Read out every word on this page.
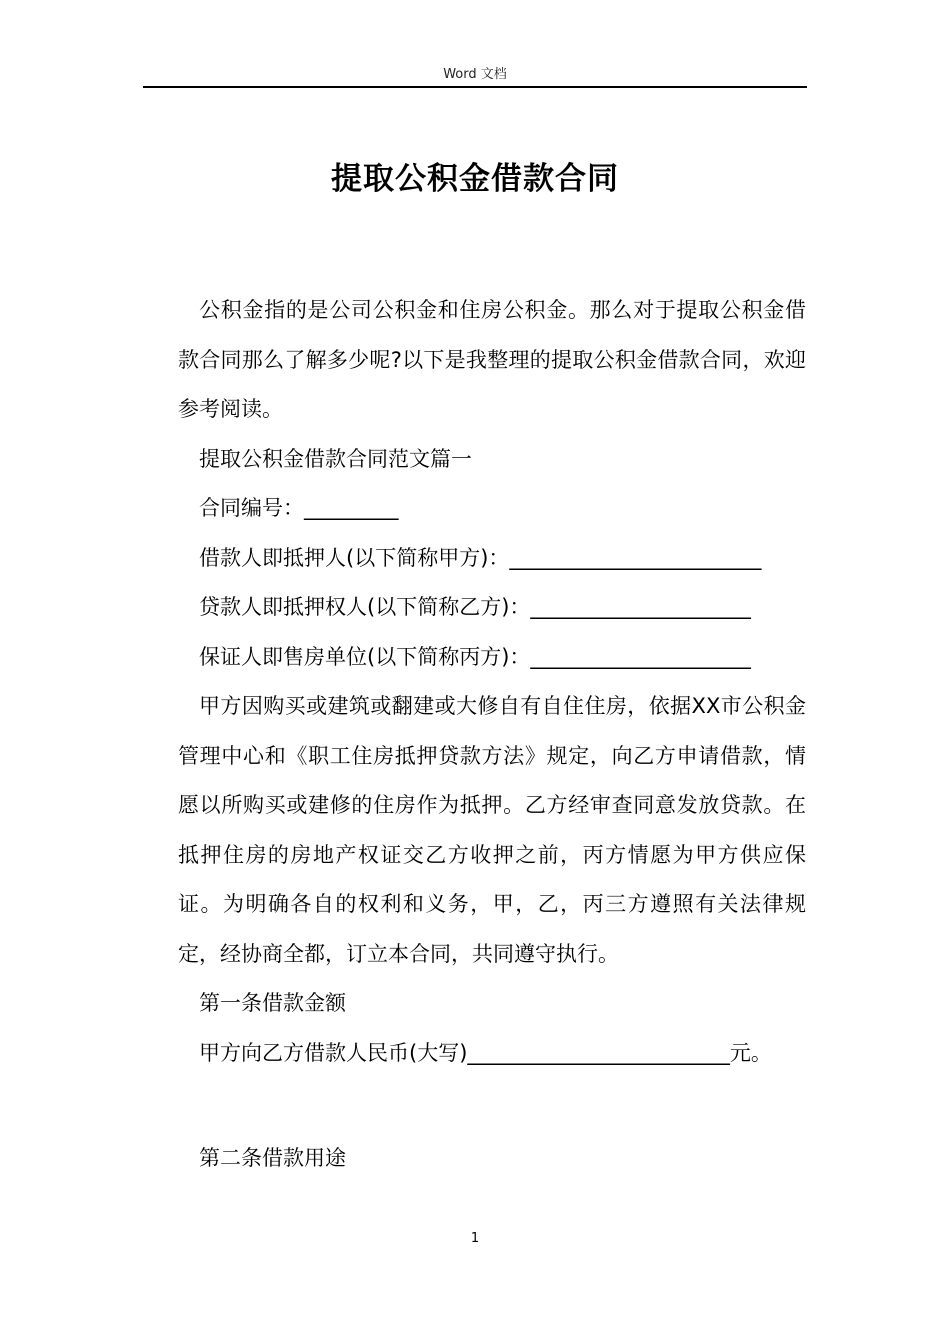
Word 文档
提取公积金借款合同

公积金指的是公司公积金和住房公积金。那么对于提取公积金借款合同那么了解多少呢?以下是我整理的提取公积金借款合同，欢迎参考阅读。

提取公积金借款合同范文篇一

合同编号：_________

借款人即抵押人(以下简称甲方)：________________________

贷款人即抵押权人(以下简称乙方)：_____________________

保证人即售房单位(以下简称丙方)：_____________________

甲方因购买或建筑或翻建或大修自有自住住房，依据XX市公积金管理中心和《职工住房抵押贷款方法》规定，向乙方申请借款，情愿以所购买或建修的住房作为抵押。乙方经审查同意发放贷款。在抵押住房的房地产权证交乙方收押之前，丙方情愿为甲方供应保证。为明确各自的权利和义务，甲，乙，丙三方遵照有关法律规定，经协商全都，订立本合同，共同遵守执行。

第一条借款金额

甲方向乙方借款人民币(大写)_________________________元。

第二条借款用途
1
